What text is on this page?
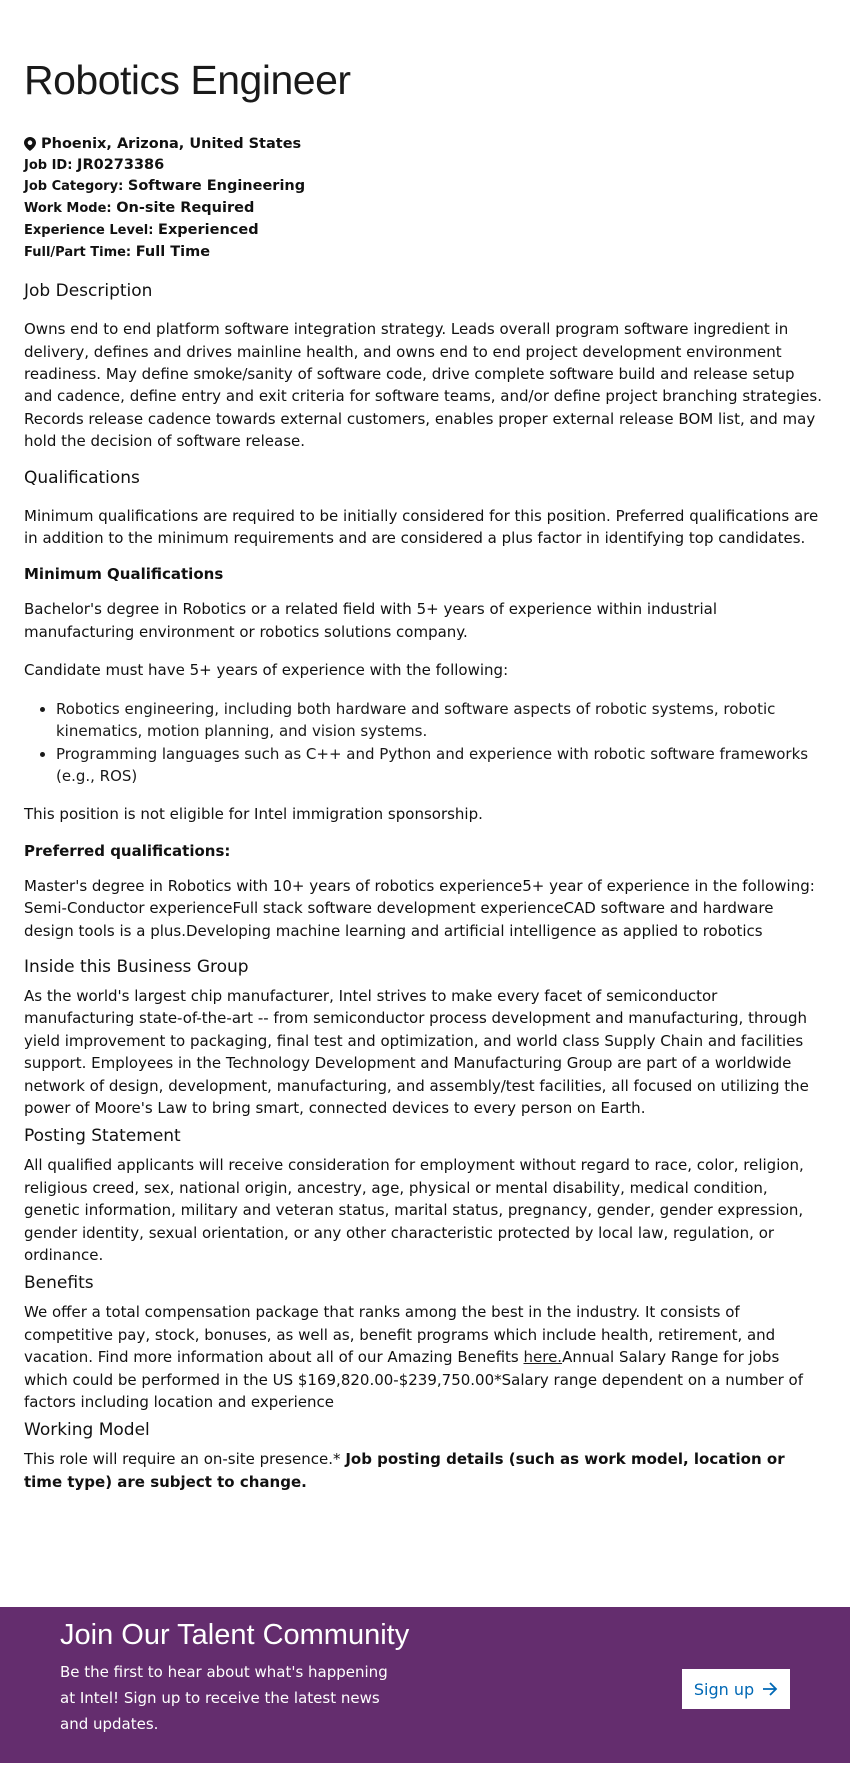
Robotics Engineer
Phoenix, Arizona, United States
Job ID: JR0273386
Job Category: Software Engineering
Work Mode: On-site Required
Experience Level: Experienced
Full/Part Time: Full Time
Job Description

Owns end to end platform software integration strategy. Leads overall program software ingredient in delivery, defines and drives mainline health, and owns end to end project development environment readiness. May define smoke/sanity of software code, drive complete software build and release setup and cadence, define entry and exit criteria for software teams, and/or define project branching strategies. Records release cadence towards external customers, enables proper external release BOM list, and may hold the decision of software release.

Qualifications

Minimum qualifications are required to be initially considered for this position. Preferred qualifications are in addition to the minimum requirements and are considered a plus factor in identifying top candidates.

Minimum Qualifications

Bachelor's degree in Robotics or a related field with 5+ years of experience within industrial manufacturing environment or robotics solutions company.

Candidate must have 5+ years of experience with the following:

• Robotics engineering, including both hardware and software aspects of robotic systems, robotic kinematics, motion planning, and vision systems.
• Programming languages such as C++ and Python and experience with robotic software frameworks (e.g., ROS)

This position is not eligible for Intel immigration sponsorship.

Preferred qualifications:

Master's degree in Robotics with 10+ years of robotics experience5+ year of experience in the following: Semi-Conductor experienceFull stack software development experienceCAD software and hardware design tools is a plus.Developing machine learning and artificial intelligence as applied to robotics

Inside this Business Group

As the world's largest chip manufacturer, Intel strives to make every facet of semiconductor manufacturing state-of-the-art -- from semiconductor process development and manufacturing, through yield improvement to packaging, final test and optimization, and world class Supply Chain and facilities support. Employees in the Technology Development and Manufacturing Group are part of a worldwide network of design, development, manufacturing, and assembly/test facilities, all focused on utilizing the power of Moore's Law to bring smart, connected devices to every person on Earth.

Posting Statement

All qualified applicants will receive consideration for employment without regard to race, color, religion, religious creed, sex, national origin, ancestry, age, physical or mental disability, medical condition, genetic information, military and veteran status, marital status, pregnancy, gender, gender expression, gender identity, sexual orientation, or any other characteristic protected by local law, regulation, or ordinance.

Benefits

We offer a total compensation package that ranks among the best in the industry. It consists of competitive pay, stock, bonuses, as well as, benefit programs which include health, retirement, and vacation. Find more information about all of our Amazing Benefits here.Annual Salary Range for jobs which could be performed in the US $169,820.00-$239,750.00*Salary range dependent on a number of factors including location and experience

Working Model

This role will require an on-site presence.* Job posting details (such as work model, location or time type) are subject to change.

Join Our Talent Community

Be the first to hear about what's happening at Intel! Sign up to receive the latest news and updates.

Sign up
